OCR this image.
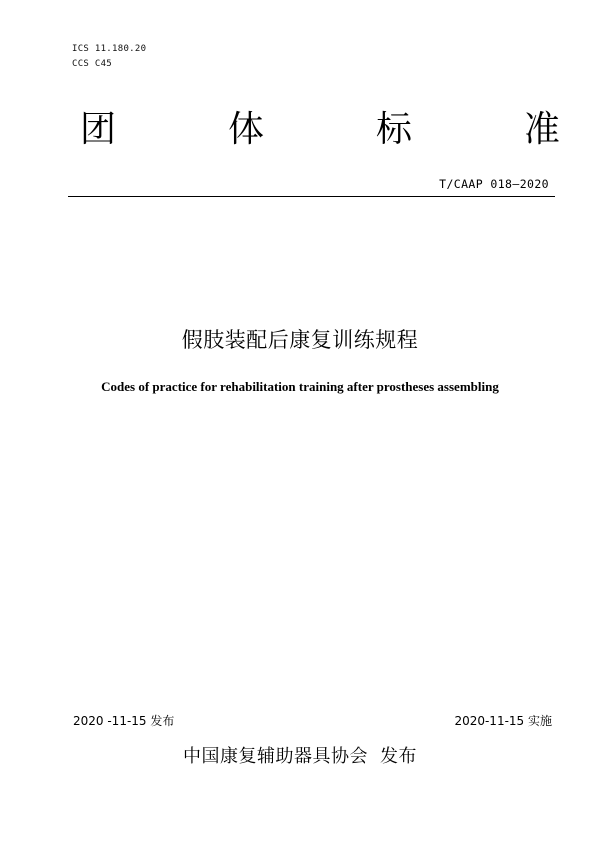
ICS 11.180.20
CCS C45
团	体	标	准
T/CAAP 018—2020
假肢装配后康复训练规程
Codes of practice for rehabilitation training after prostheses assembling
2020 -11-15 发布	2020-11-15 实施
中国康复辅助器具协会 发布
